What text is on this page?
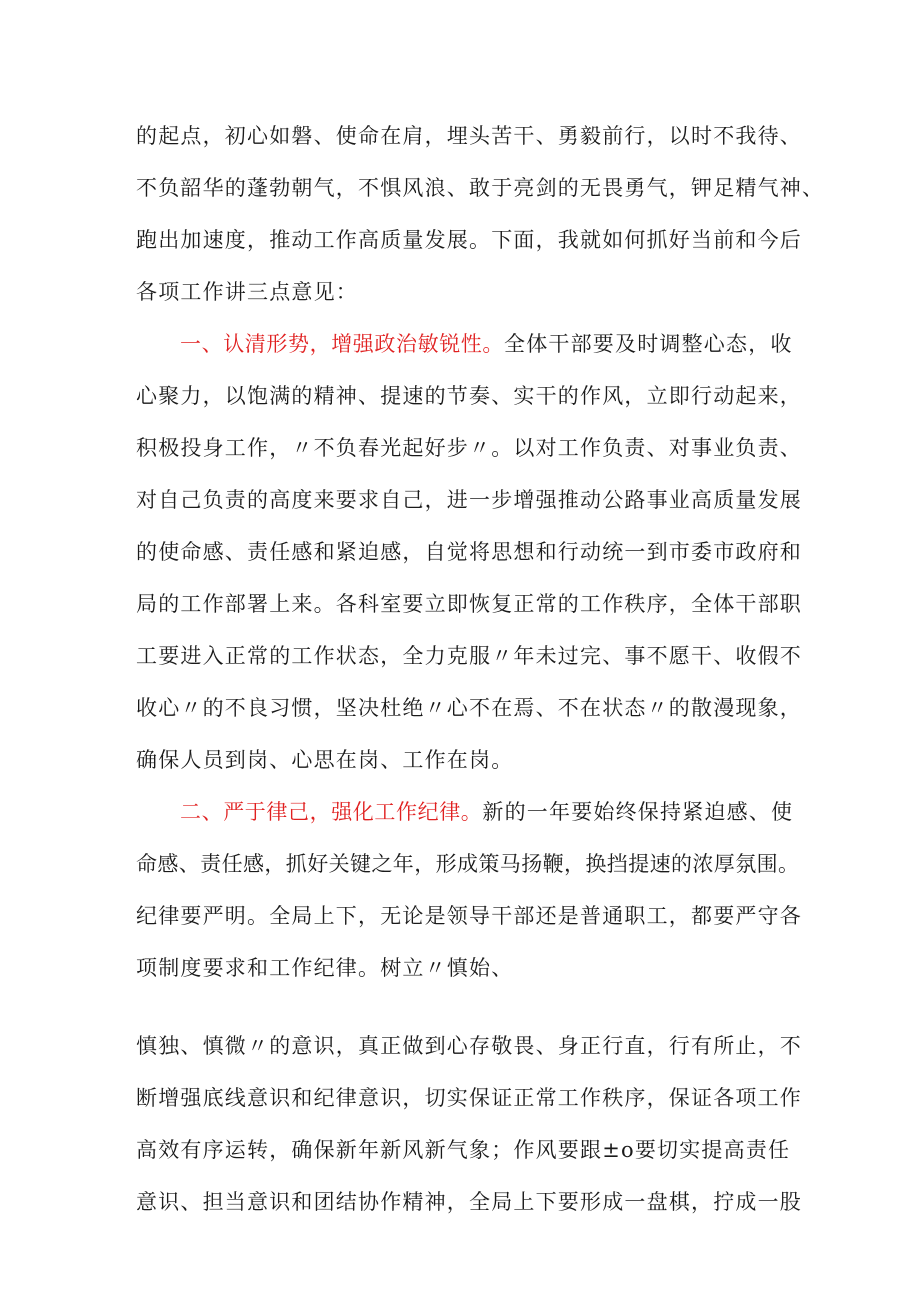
的起点，初心如磐、使命在肩，埋头苦干、勇毅前行，以时不我待、
不负韶华的蓬勃朝气，不惧风浪、敢于亮剑的无畏勇气，钾足精气神、
跑出加速度，推动工作高质量发展。下面，我就如何抓好当前和今后
各项工作讲三点意见：
一、认清形势，增强政治敏锐性。全体干部要及时调整心态，收
心聚力，以饱满的精神、提速的节奏、实干的作风，立即行动起来，
积极投身工作，〃不负春光起好步〃。以对工作负责、对事业负责、
对自己负责的高度来要求自己，进一步增强推动公路事业高质量发展
的使命感、责任感和紧迫感，自觉将思想和行动统一到市委市政府和
局的工作部署上来。各科室要立即恢复正常的工作秩序，全体干部职
工要进入正常的工作状态，全力克服〃年未过完、事不愿干、收假不
收心〃的不良习惯，坚决杜绝〃心不在焉、不在状态〃的散漫现象，
确保人员到岗、心思在岗、工作在岗。
二、严于律己，强化工作纪律。新的一年要始终保持紧迫感、使
命感、责任感，抓好关键之年，形成策马扬鞭，换挡提速的浓厚氛围。
纪律要严明。全局上下，无论是领导干部还是普通职工，都要严守各
项制度要求和工作纪律。树立〃慎始、
慎独、慎微〃的意识，真正做到心存敬畏、身正行直，行有所止，不
断增强底线意识和纪律意识，切实保证正常工作秩序，保证各项工作
高效有序运转，确保新年新风新气象；作风要跟±o要切实提高责任
意识、担当意识和团结协作精神，全局上下要形成一盘棋，拧成一股
